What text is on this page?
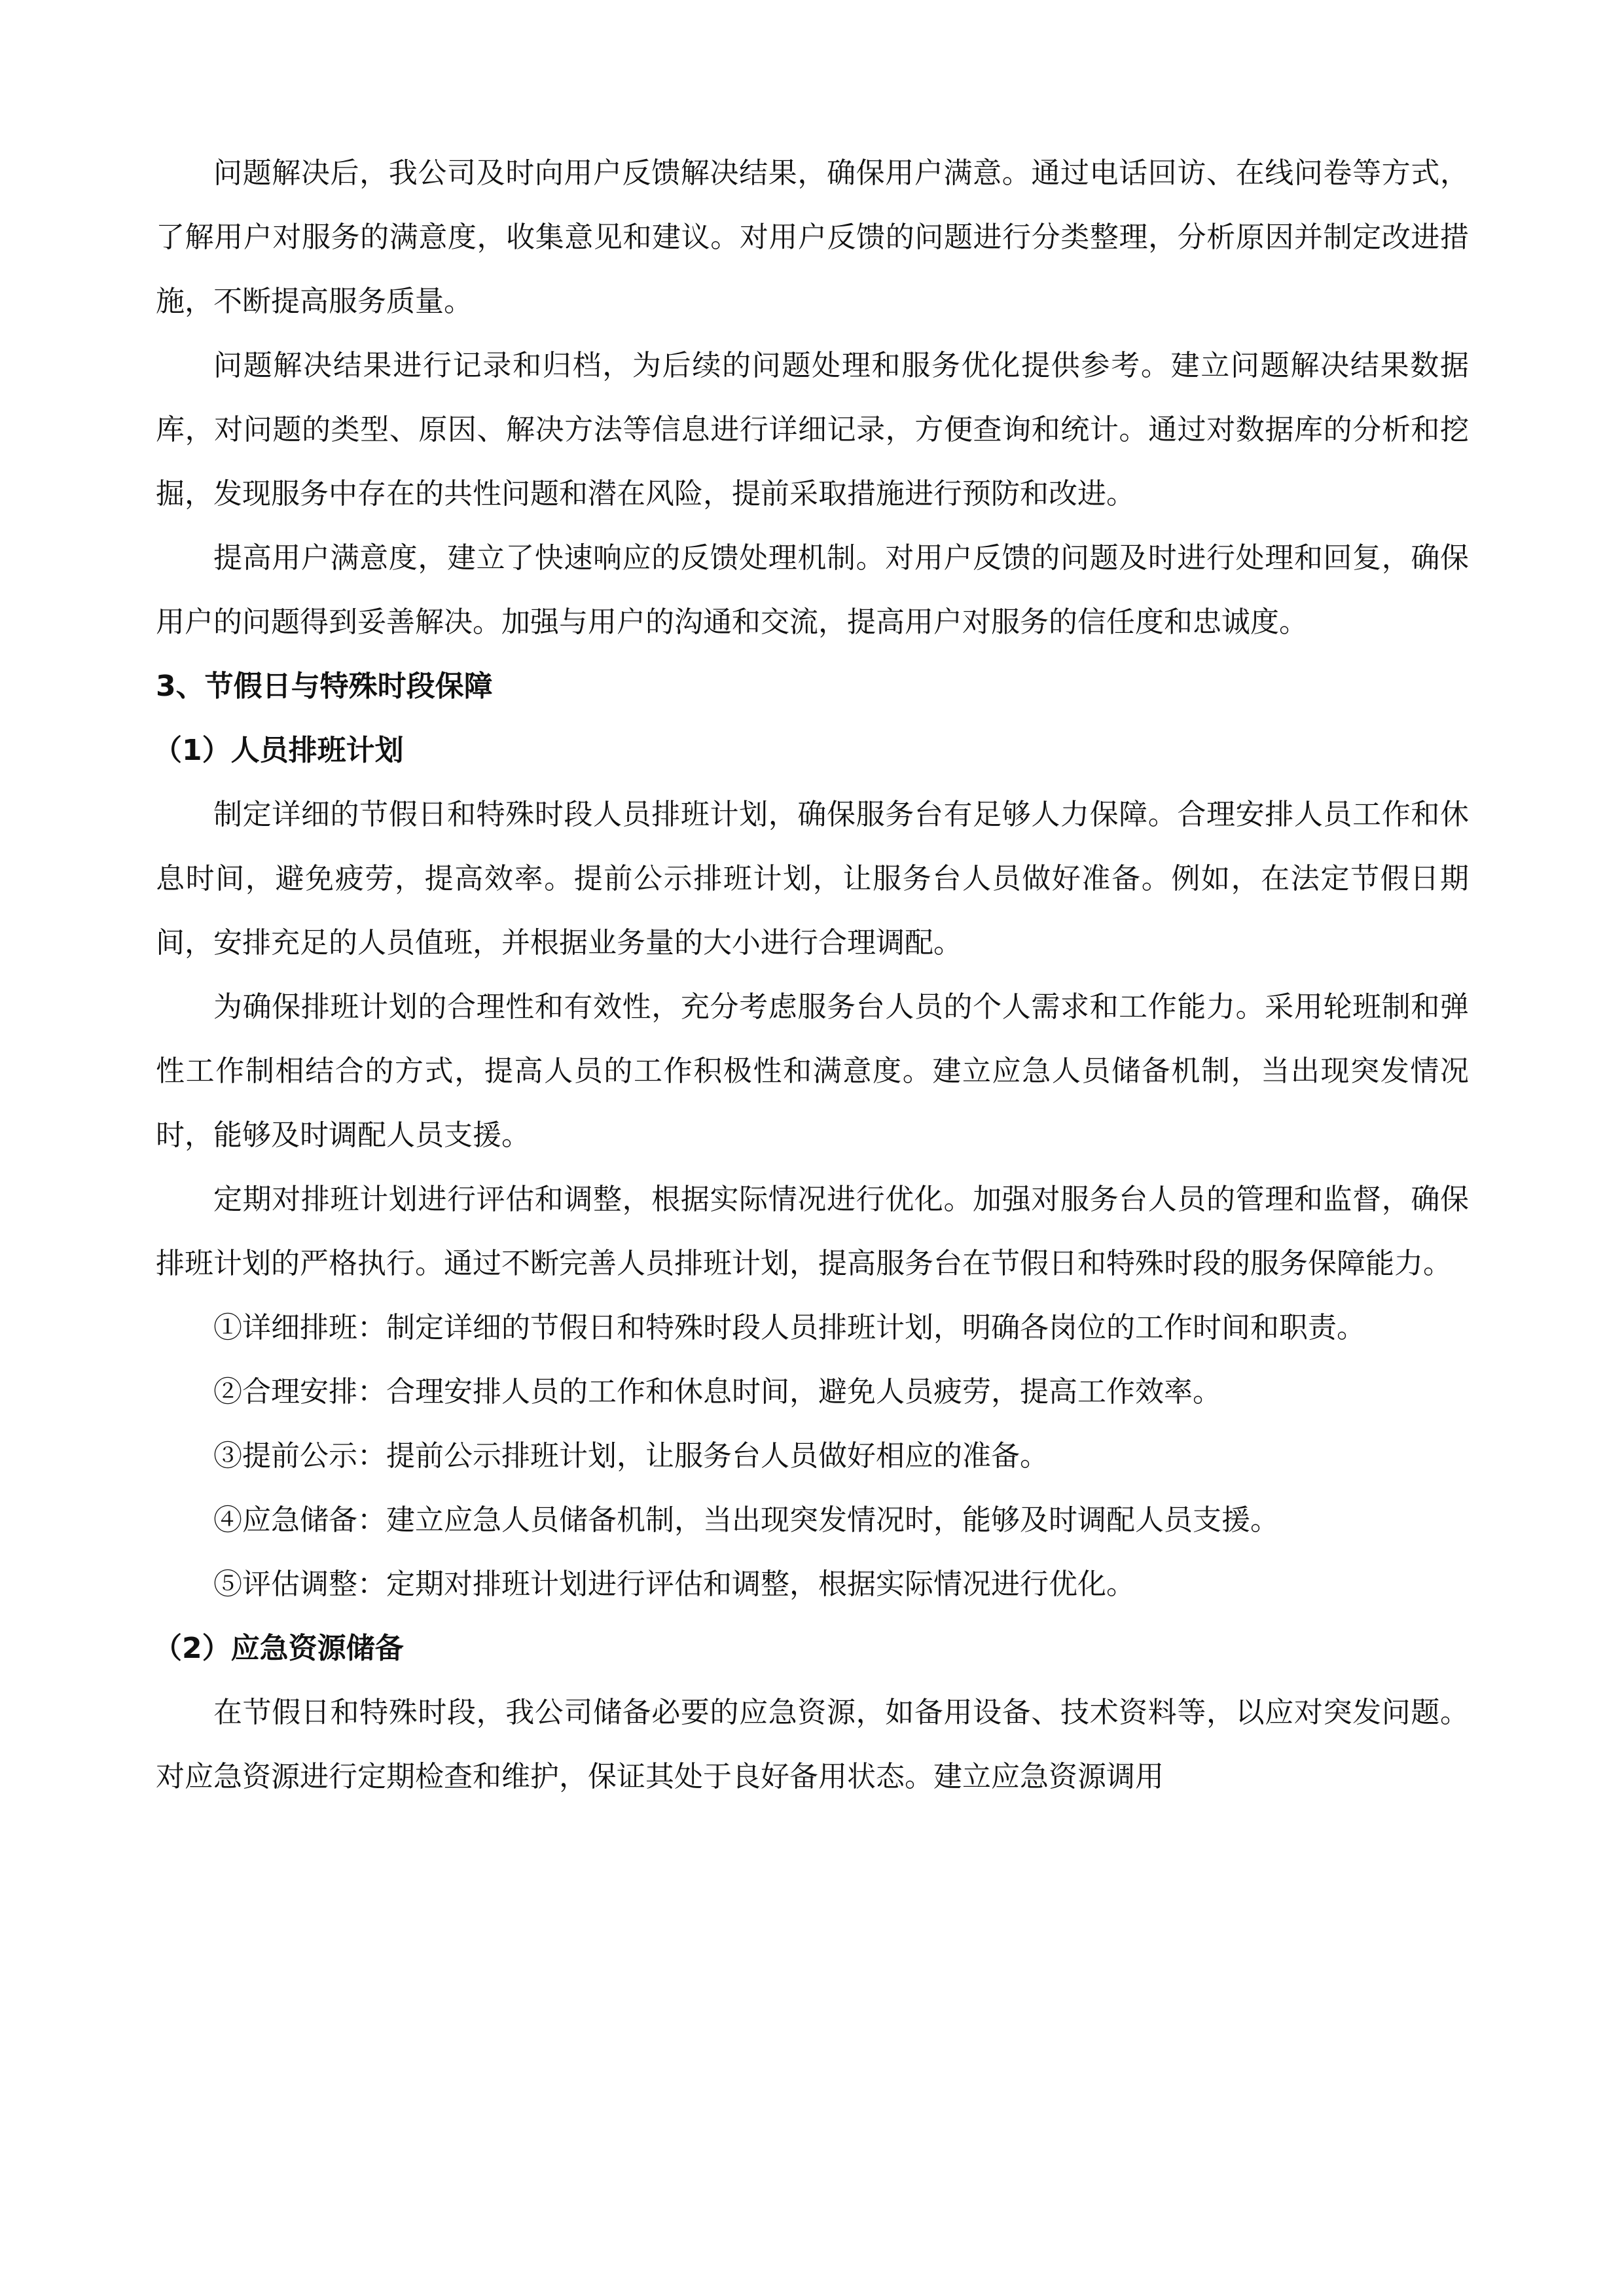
问题解决后，我公司及时向用户反馈解决结果，确保用户满意。通过电话回访、在线问卷等方式，了解用户对服务的满意度，收集意见和建议。对用户反馈的问题进行分类整理，分析原因并制定改进措施，不断提高服务质量。

问题解决结果进行记录和归档，为后续的问题处理和服务优化提供参考。建立问题解决结果数据库，对问题的类型、原因、解决方法等信息进行详细记录，方便查询和统计。通过对数据库的分析和挖掘，发现服务中存在的共性问题和潜在风险，提前采取措施进行预防和改进。

提高用户满意度，建立了快速响应的反馈处理机制。对用户反馈的问题及时进行处理和回复，确保用户的问题得到妥善解决。加强与用户的沟通和交流，提高用户对服务的信任度和忠诚度。

3、节假日与特殊时段保障

（1）人员排班计划

制定详细的节假日和特殊时段人员排班计划，确保服务台有足够人力保障。合理安排人员工作和休息时间，避免疲劳，提高效率。提前公示排班计划，让服务台人员做好准备。例如，在法定节假日期间，安排充足的人员值班，并根据业务量的大小进行合理调配。

为确保排班计划的合理性和有效性，充分考虑服务台人员的个人需求和工作能力。采用轮班制和弹性工作制相结合的方式，提高人员的工作积极性和满意度。建立应急人员储备机制，当出现突发情况时，能够及时调配人员支援。

定期对排班计划进行评估和调整，根据实际情况进行优化。加强对服务台人员的管理和监督，确保排班计划的严格执行。通过不断完善人员排班计划，提高服务台在节假日和特殊时段的服务保障能力。

①详细排班：制定详细的节假日和特殊时段人员排班计划，明确各岗位的工作时间和职责。

②合理安排：合理安排人员的工作和休息时间，避免人员疲劳，提高工作效率。

③提前公示：提前公示排班计划，让服务台人员做好相应的准备。

④应急储备：建立应急人员储备机制，当出现突发情况时，能够及时调配人员支援。

⑤评估调整：定期对排班计划进行评估和调整，根据实际情况进行优化。

（2）应急资源储备

在节假日和特殊时段，我公司储备必要的应急资源，如备用设备、技术资料等，以应对突发问题。对应急资源进行定期检查和维护，保证其处于良好备用状态。建立应急资源调用
